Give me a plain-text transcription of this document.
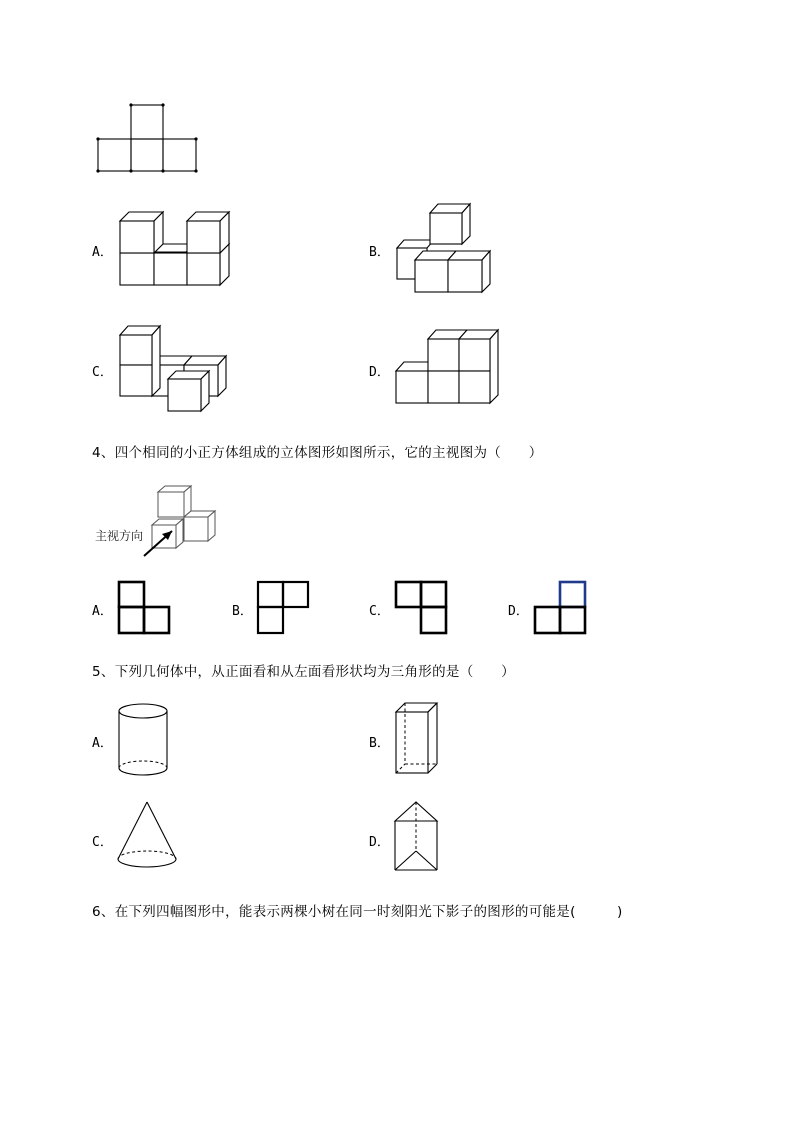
A．	B．
C．	D．
4、四个相同的小正方体组成的立体图形如图所示，它的主视图为（　　）
主视方向
A．	B．	C．	D．
5、下列几何体中，从正面看和从左面看形状均为三角形的是（　　）
A．	B．
C．	D．
6、在下列四幅图形中，能表示两棵小树在同一时刻阳光下影子的图形的可能是(　　　)
